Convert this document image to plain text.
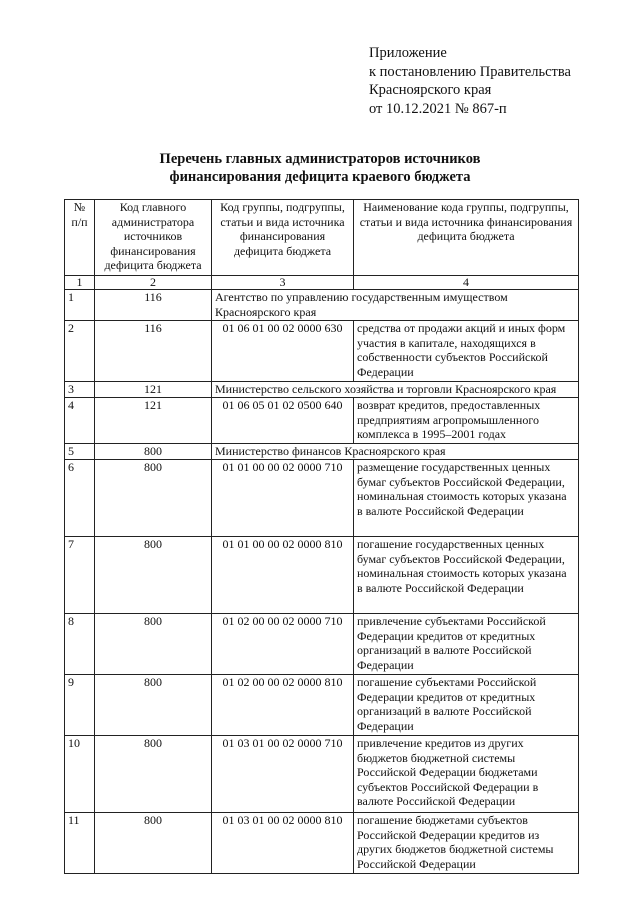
Приложение
к постановлению Правительства
Красноярского края
от 10.12.2021 № 867-п
Перечень главных администраторов источников
финансирования дефицита краевого бюджета
№ п/п	Код главного администратора источников финансирования дефицита бюджета	Код группы, подгруппы, статьи и вида источника финансирования дефицита бюджета	Наименование кода группы, подгруппы, статьи и вида источника финансирования дефицита бюджета
1	2	3	4
1	116	Агентство по управлению государственным имуществом Красноярского края	
2	116	01 06 01 00 02 0000 630	средства от продажи акций и иных форм участия в капитале, находящихся в собственности субъектов Российской Федерации
3	121	Министерство сельского хозяйства и торговли Красноярского края	
4	121	01 06 05 01 02 0500 640	возврат кредитов, предоставленных предприятиям агропромышленного комплекса в 1995–2001 годах
5	800	Министерство финансов Красноярского края	
6	800	01 01 00 00 02 0000 710	размещение государственных ценных бумаг субъектов Российской Федерации, номинальная стоимость которых указана в валюте Российской Федерации
7	800	01 01 00 00 02 0000 810	погашение государственных ценных бумаг субъектов Российской Федерации, номинальная стоимость которых указана в валюте Российской Федерации
8	800	01 02 00 00 02 0000 710	привлечение субъектами Российской Федерации кредитов от кредитных организаций в валюте Российской Федерации
9	800	01 02 00 00 02 0000 810	погашение субъектами Российской Федерации кредитов от кредитных организаций в валюте Российской Федерации
10	800	01 03 01 00 02 0000 710	привлечение кредитов из других бюджетов бюджетной системы Российской Федерации бюджетами субъектов Российской Федерации в валюте Российской Федерации
11	800	01 03 01 00 02 0000 810	погашение бюджетами субъектов Российской Федерации кредитов из других бюджетов бюджетной системы Российской Федерации
